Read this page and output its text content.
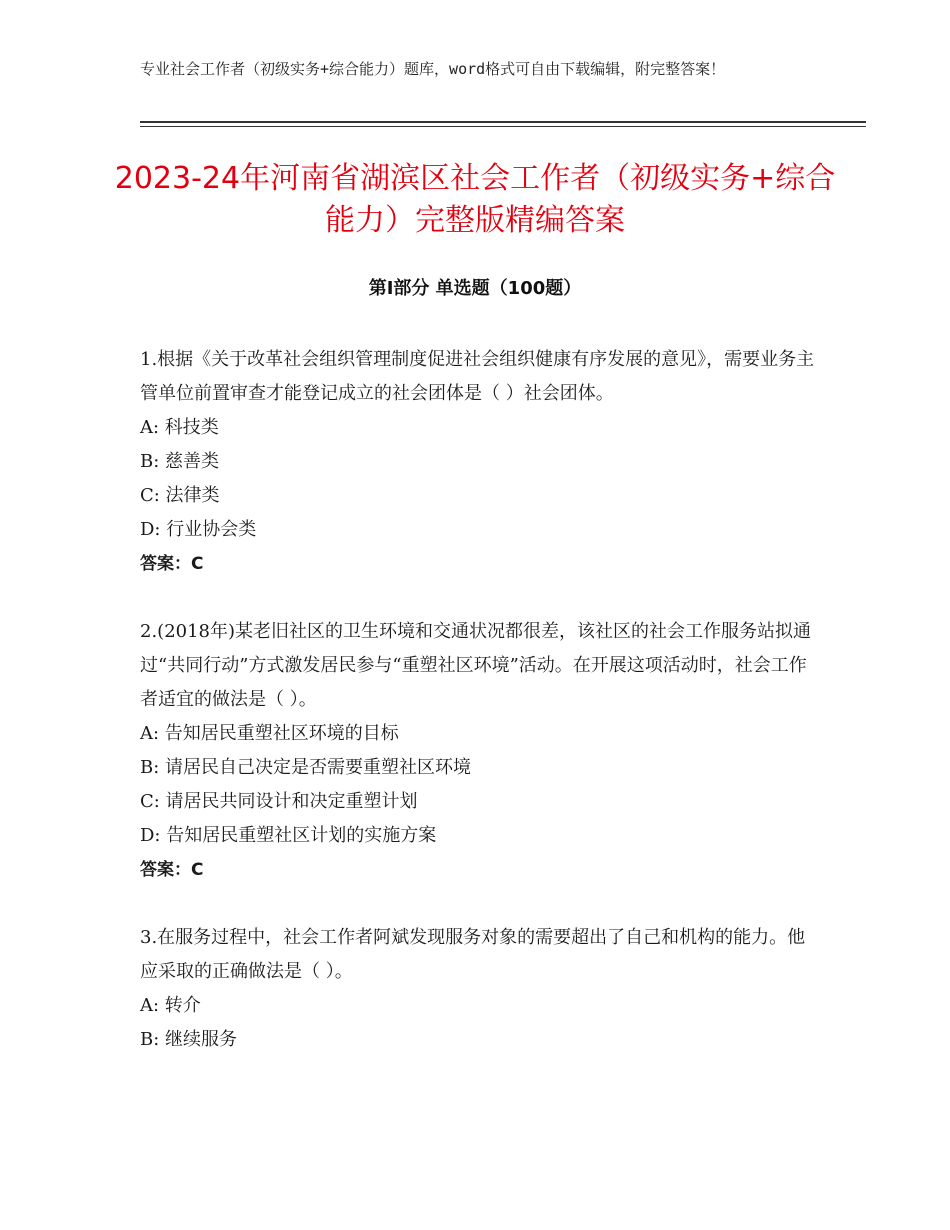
专业社会工作者（初级实务+综合能力）题库，word格式可自由下载编辑，附完整答案！
2023-24年河南省湖滨区社会工作者（初级实务+综合能力）完整版精编答案
第Ⅰ部分 单选题（100题）

1.根据《关于改革社会组织管理制度促进社会组织健康有序发展的意见》，需要业务主管单位前置审查才能登记成立的社会团体是（ ）社会团体。

A: 科技类

B: 慈善类

C: 法律类

D: 行业协会类

答案：C

2.(2018年)某老旧社区的卫生环境和交通状况都很差，该社区的社会工作服务站拟通过“共同行动”方式激发居民参与“重塑社区环境”活动。在开展这项活动时，社会工作者适宜的做法是（ ）。

A: 告知居民重塑社区环境的目标

B: 请居民自己决定是否需要重塑社区环境

C: 请居民共同设计和决定重塑计划

D: 告知居民重塑社区计划的实施方案

答案：C

3.在服务过程中，社会工作者阿斌发现服务对象的需要超出了自己和机构的能力。他应采取的正确做法是（ ）。

A: 转介

B: 继续服务
